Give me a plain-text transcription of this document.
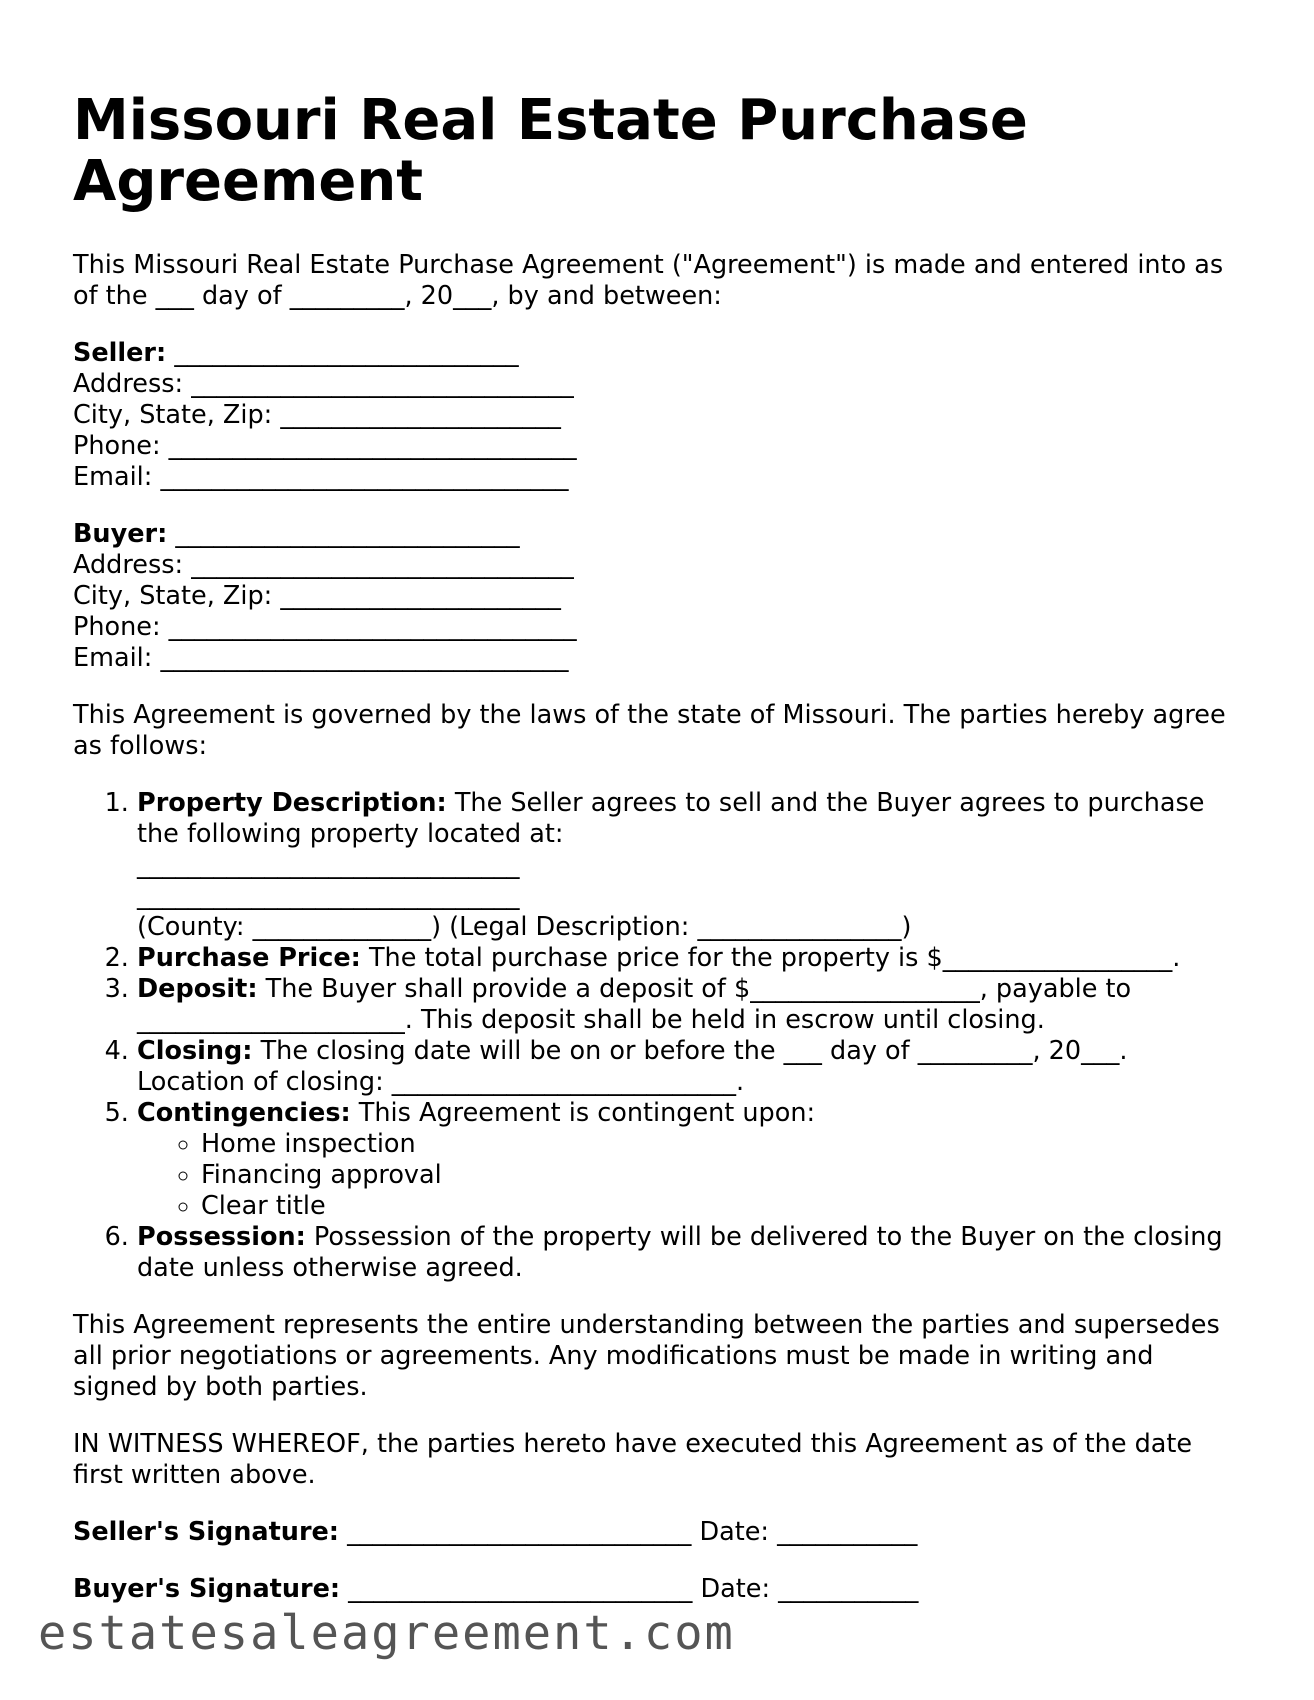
Missouri Real Estate Purchase Agreement

This Missouri Real Estate Purchase Agreement ("Agreement") is made and entered into as of the ___ day of _________, 20___, by and between:

Seller: ___________________________
Address: ______________________________
City, State, Zip: ______________________
Phone: ________________________________
Email: ________________________________
Buyer: ___________________________
Address: ______________________________
City, State, Zip: ______________________
Phone: ________________________________
Email: ________________________________

This Agreement is governed by the laws of the state of Missouri. The parties hereby agree as follows:

1. Property Description: The Seller agrees to sell and the Buyer agrees to purchase the following property located at:
______________________________
______________________________
(County: ______________) (Legal Description: ________________)
2. Purchase Price: The total purchase price for the property is $__________________.
3. Deposit: The Buyer shall provide a deposit of $__________________, payable to _____________________. This deposit shall be held in escrow until closing.
4. Closing: The closing date will be on or before the ___ day of _________, 20___. Location of closing: ___________________________.
5. Contingencies: This Agreement is contingent upon:
◦ Home inspection
◦ Financing approval
◦ Clear title
6. Possession: Possession of the property will be delivered to the Buyer on the closing date unless otherwise agreed.

This Agreement represents the entire understanding between the parties and supersedes all prior negotiations or agreements. Any modifications must be made in writing and signed by both parties.

IN WITNESS WHEREOF, the parties hereto have executed this Agreement as of the date first written above.

Seller's Signature: ___________________________ Date: ___________
Buyer's Signature: ___________________________ Date: ___________
estatesaleagreement.com
